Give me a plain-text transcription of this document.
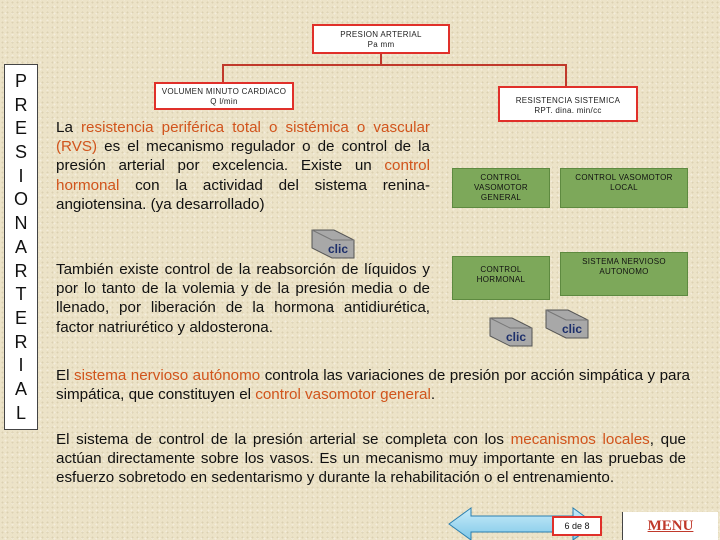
P
R
E
S
I
O
N
A
R
T
E
R
I
A
L
PRESION ARTERIAL
Pa mm
VOLUMEN MINUTO CARDIACO
Q l/min	RESISTENCIA SISTEMICA
RPT. dina. min/cc
CONTROL VASOMOTOR
GENERAL
CONTROL VASOMOTOR
LOCAL
CONTROL
HORMONAL
SISTEMA NERVIOSO
AUTONOMO
La resistencia periférica total o sistémica o vascular (RVS) es el mecanismo regulador o de control de la presión arterial por excelencia. Existe un control hormonal con la actividad del sistema renina-angiotensina. (ya desarrollado)
También existe control de la reabsorción de líquidos y por lo tanto de la volemia y de la presión media o de llenado, por liberación de la hormona antidiurética, factor natriurético y aldosterona.
El sistema nervioso autónomo controla las variaciones de presión por acción simpática y para simpática, que constituyen el control vasomotor general.
El sistema de control de la presión arterial se completa con los mecanismos locales, que actúan directamente sobre los vasos. Es un mecanismo muy importante en las pruebas de esfuerzo sobretodo en sedentarismo y durante la rehabilitación o el entrenamiento.
clic
clic
clic
6 de 8	MENU
